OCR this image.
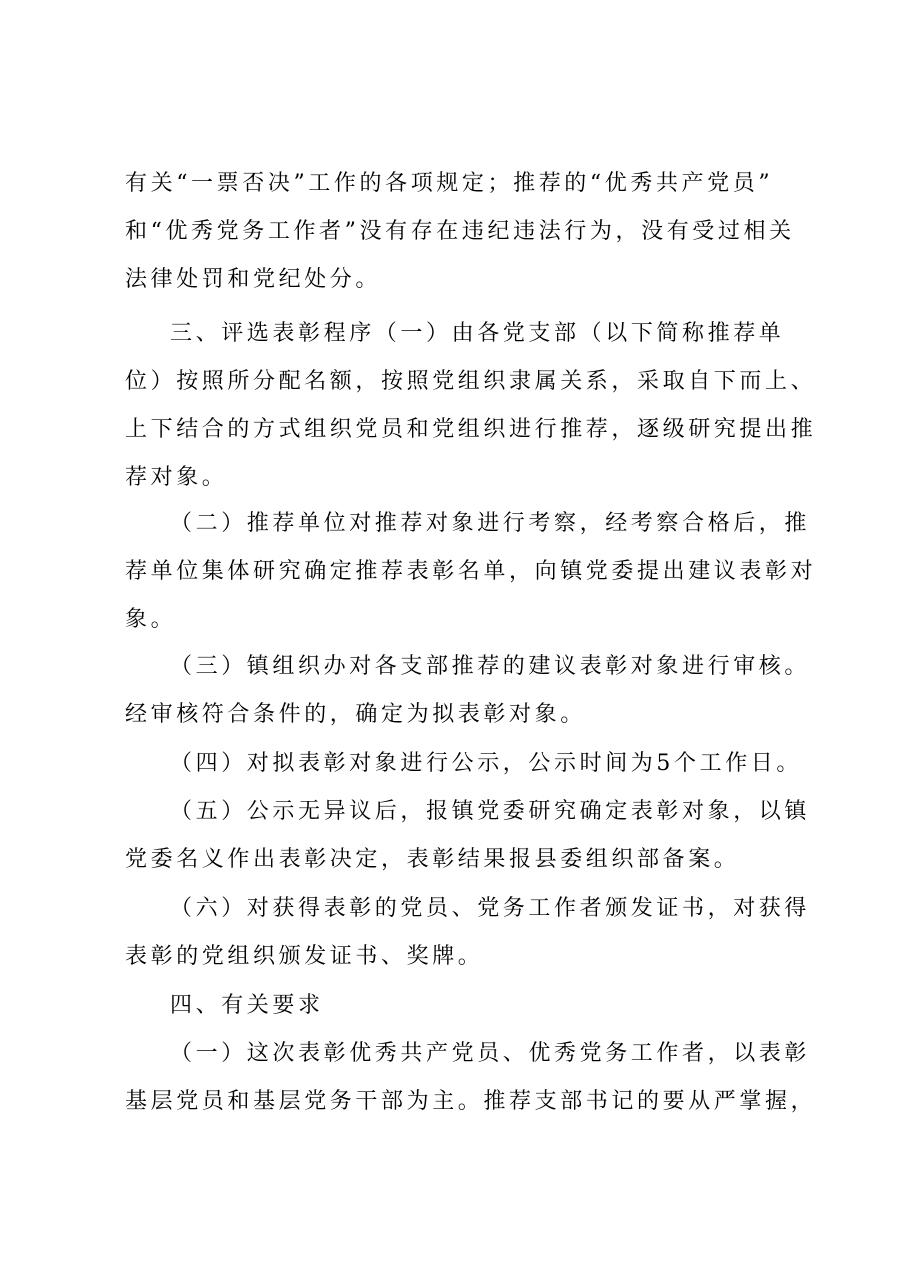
有关“一票否决”工作的各项规定；推荐的“优秀共产党员”
和“优秀党务工作者”没有存在违纪违法行为，没有受过相关
法律处罚和党纪处分。
三、评选表彰程序（一）由各党支部（以下简称推荐单
位）按照所分配名额，按照党组织隶属关系，采取自下而上、
上下结合的方式组织党员和党组织进行推荐，逐级研究提出推
荐对象。
（二）推荐单位对推荐对象进行考察，经考察合格后，推
荐单位集体研究确定推荐表彰名单，向镇党委提出建议表彰对
象。
（三）镇组织办对各支部推荐的建议表彰对象进行审核。
经审核符合条件的，确定为拟表彰对象。
（四）对拟表彰对象进行公示，公示时间为5个工作日。
（五）公示无异议后，报镇党委研究确定表彰对象，以镇
党委名义作出表彰决定，表彰结果报县委组织部备案。
（六）对获得表彰的党员、党务工作者颁发证书，对获得
表彰的党组织颁发证书、奖牌。
四、有关要求
（一）这次表彰优秀共产党员、优秀党务工作者，以表彰
基层党员和基层党务干部为主。推荐支部书记的要从严掌握，
